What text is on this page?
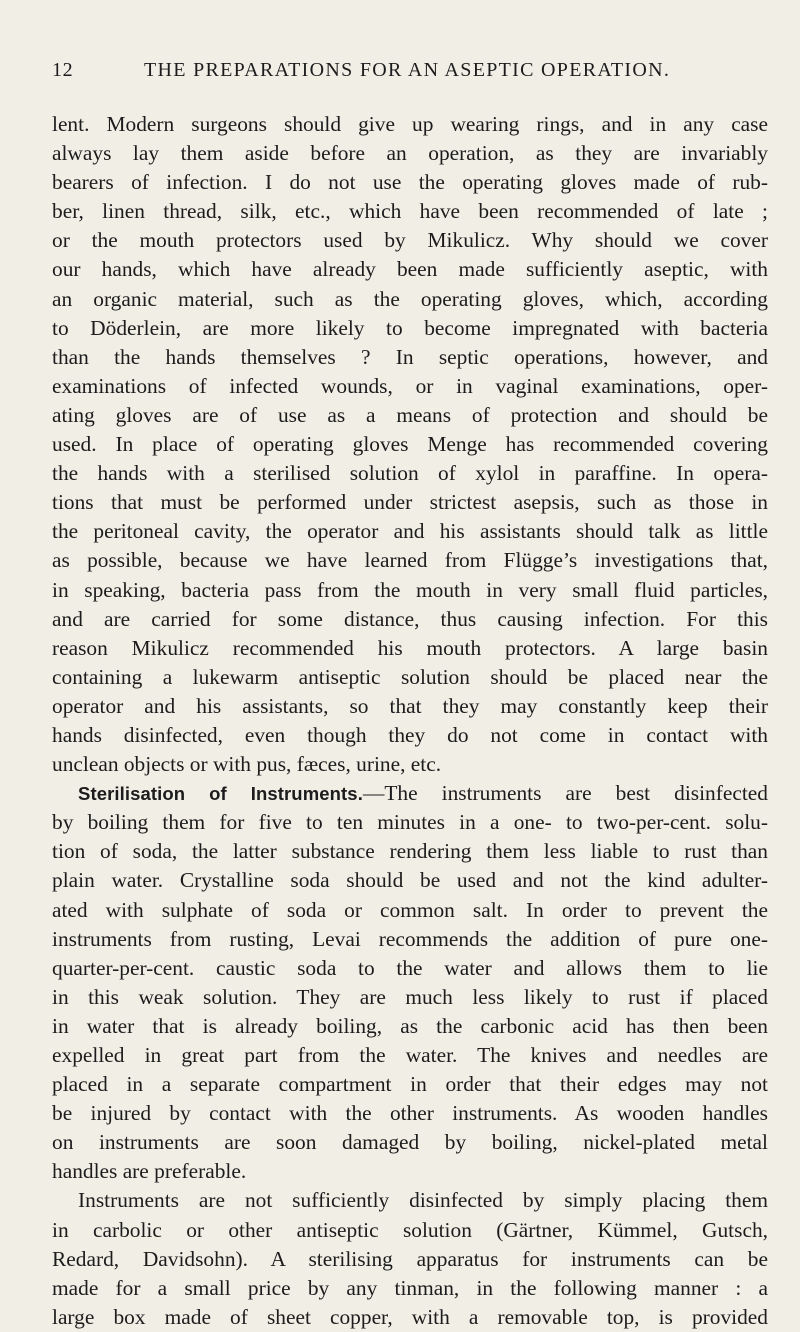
12	THE PREPARATIONS FOR AN ASEPTIC OPERATION.
lent. Modern surgeons should give up wearing rings, and in any case
always lay them aside before an operation, as they are invariably
bearers of infection. I do not use the operating gloves made of rub-
ber, linen thread, silk, etc., which have been recommended of late ;
or the mouth protectors used by Mikulicz. Why should we cover
our hands, which have already been made sufficiently aseptic, with
an organic material, such as the operating gloves, which, according
to Döderlein, are more likely to become impregnated with bacteria
than the hands themselves ? In septic operations, however, and
examinations of infected wounds, or in vaginal examinations, oper-
ating gloves are of use as a means of protection and should be
used. In place of operating gloves Menge has recommended covering
the hands with a sterilised solution of xylol in paraffine. In opera-
tions that must be performed under strictest asepsis, such as those in
the peritoneal cavity, the operator and his assistants should talk as little
as possible, because we have learned from Flügge’s investigations that,
in speaking, bacteria pass from the mouth in very small fluid particles,
and are carried for some distance, thus causing infection. For this
reason Mikulicz recommended his mouth protectors. A large basin
containing a lukewarm antiseptic solution should be placed near the
operator and his assistants, so that they may constantly keep their
hands disinfected, even though they do not come in contact with
unclean objects or with pus, fæces, urine, etc.
Sterilisation of Instruments.—The instruments are best disinfected
by boiling them for five to ten minutes in a one- to two-per-cent. solu-
tion of soda, the latter substance rendering them less liable to rust than
plain water. Crystalline soda should be used and not the kind adulter-
ated with sulphate of soda or common salt. In order to prevent the
instruments from rusting, Levai recommends the addition of pure one-
quarter-per-cent. caustic soda to the water and allows them to lie
in this weak solution. They are much less likely to rust if placed
in water that is already boiling, as the carbonic acid has then been
expelled in great part from the water. The knives and needles are
placed in a separate compartment in order that their edges may not
be injured by contact with the other instruments. As wooden handles
on instruments are soon damaged by boiling, nickel-plated metal
handles are preferable.
Instruments are not sufficiently disinfected by simply placing them
in carbolic or other antiseptic solution (Gärtner, Kümmel, Gutsch,
Redard, Davidsohn). A sterilising apparatus for instruments can be
made for a small price by any tinman, in the following manner : a
large box made of sheet copper, with a removable top, is provided
